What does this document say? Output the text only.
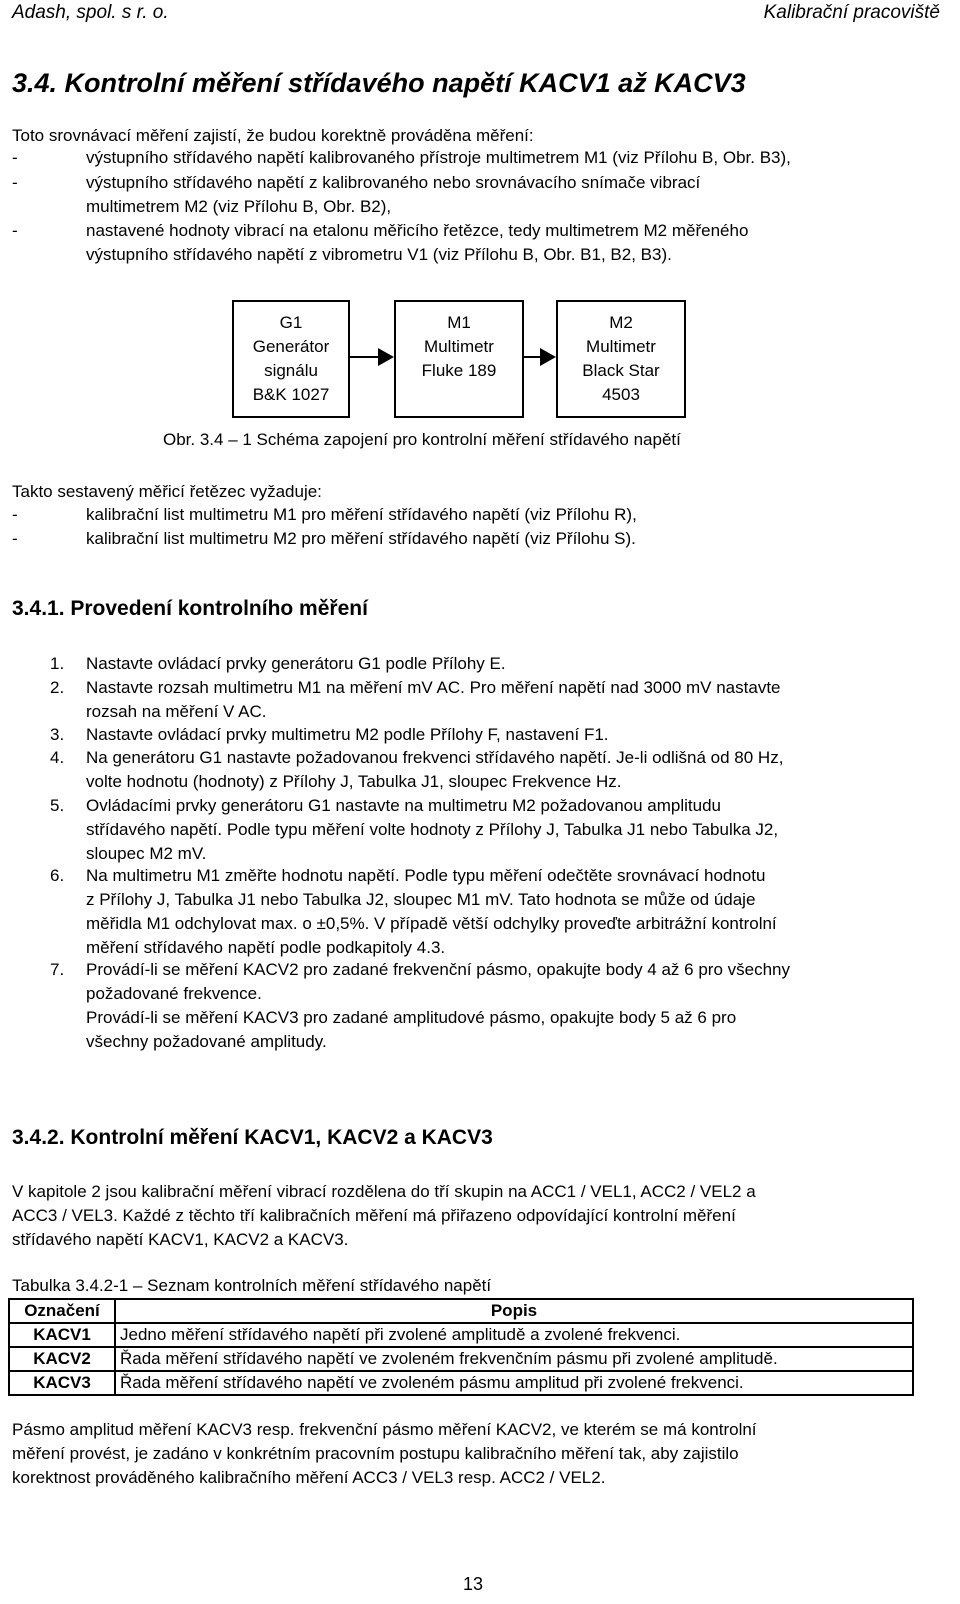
Adash, spol. s r. o.	Kalibrační pracoviště
3.4. Kontrolní měření střídavého napětí KACV1 až KACV3
Toto srovnávací měření zajistí, že budou korektně prováděna měření:
-	výstupního střídavého napětí kalibrovaného přístroje multimetrem M1 (viz Přílohu B, Obr. B3),
-	výstupního střídavého napětí z kalibrovaného nebo srovnávacího snímače vibrací
multimetrem M2 (viz Přílohu B, Obr. B2),
-	nastavené hodnoty vibrací na etalonu měřicího řetězce, tedy multimetrem M2 měřeného
výstupního střídavého napětí z vibrometru V1 (viz Přílohu B, Obr. B1, B2, B3).
G1
Generátor
signálu
B&K 1027
M1
Multimetr
Fluke 189
M2
Multimetr
Black Star
4503
Obr. 3.4 – 1 Schéma zapojení pro kontrolní měření střídavého napětí
Takto sestavený měřicí řetězec vyžaduje:
-	kalibrační list multimetru M1 pro měření střídavého napětí (viz Přílohu R),
-	kalibrační list multimetru M2 pro měření střídavého napětí (viz Přílohu S).
3.4.1. Provedení kontrolního měření
1. Nastavte ovládací prvky generátoru G1 podle Přílohy E.
2. Nastavte rozsah multimetru M1 na měření mV AC. Pro měření napětí nad 3000 mV nastavte
rozsah na měření V AC.
3. Nastavte ovládací prvky multimetru M2 podle Přílohy F, nastavení F1.
4. Na generátoru G1 nastavte požadovanou frekvenci střídavého napětí. Je-li odlišná od 80 Hz,
volte hodnotu (hodnoty) z Přílohy J, Tabulka J1, sloupec Frekvence Hz.
5. Ovládacími prvky generátoru G1 nastavte na multimetru M2 požadovanou amplitudu
střídavého napětí. Podle typu měření volte hodnoty z Přílohy J, Tabulka J1 nebo Tabulka J2,
sloupec M2 mV.
6. Na multimetru M1 změřte hodnotu napětí. Podle typu měření odečtěte srovnávací hodnotu
z Přílohy J, Tabulka J1 nebo Tabulka J2, sloupec M1 mV. Tato hodnota se může od údaje
měřidla M1 odchylovat max. o ±0,5%. V případě větší odchylky proveďte arbitrážní kontrolní
měření střídavého napětí podle podkapitoly 4.3.
7. Provádí-li se měření KACV2 pro zadané frekvenční pásmo, opakujte body 4 až 6 pro všechny
požadované frekvence.
Provádí-li se měření KACV3 pro zadané amplitudové pásmo, opakujte body 5 až 6 pro
všechny požadované amplitudy.
3.4.2. Kontrolní měření KACV1, KACV2 a KACV3
V kapitole 2 jsou kalibrační měření vibrací rozdělena do tří skupin na ACC1 / VEL1, ACC2 / VEL2 a
ACC3 / VEL3. Každé z těchto tří kalibračních měření má přiřazeno odpovídající kontrolní měření
střídavého napětí KACV1, KACV2 a KACV3.
Tabulka 3.4.2-1 – Seznam kontrolních měření střídavého napětí
Označení	Popis
KACV1	Jedno měření střídavého napětí při zvolené amplitudě a zvolené frekvenci.
KACV2	Řada měření střídavého napětí ve zvoleném frekvenčním pásmu při zvolené amplitudě.
KACV3	Řada měření střídavého napětí ve zvoleném pásmu amplitud při zvolené frekvenci.
Pásmo amplitud měření KACV3 resp. frekvenční pásmo měření KACV2, ve kterém se má kontrolní
měření provést, je zadáno v konkrétním pracovním postupu kalibračního měření tak, aby zajistilo
korektnost prováděného kalibračního měření ACC3 / VEL3 resp. ACC2 / VEL2.
13
